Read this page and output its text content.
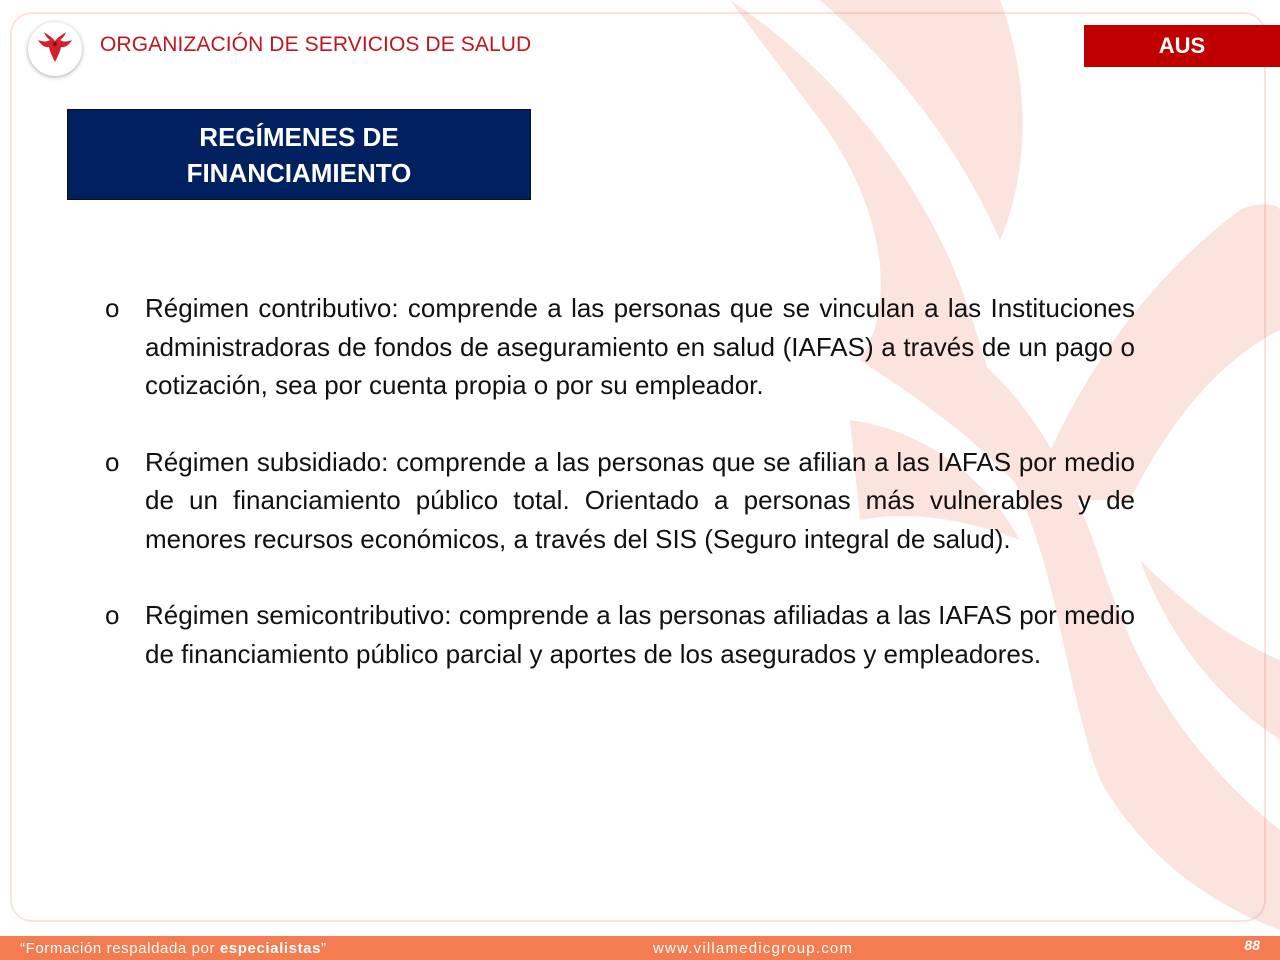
ORGANIZACIÓN DE SERVICIOS DE SALUD	AUS
REGÍMENES DE
FINANCIAMIENTO
o Régimen contributivo: comprende a las personas que se vinculan a las Instituciones administradoras de fondos de aseguramiento en salud (IAFAS) a través de un pago o cotización, sea por cuenta propia o por su empleador.
o Régimen subsidiado: comprende a las personas que se afilian a las IAFAS por medio de un financiamiento público total. Orientado a personas más vulnerables y de menores recursos económicos, a través del SIS (Seguro integral de salud).
o Régimen semicontributivo: comprende a las personas afiliadas a las IAFAS por medio de financiamiento público parcial y aportes de los asegurados y empleadores.
“Formación respaldada por especialistas”	www.villamedicgroup.com	88
